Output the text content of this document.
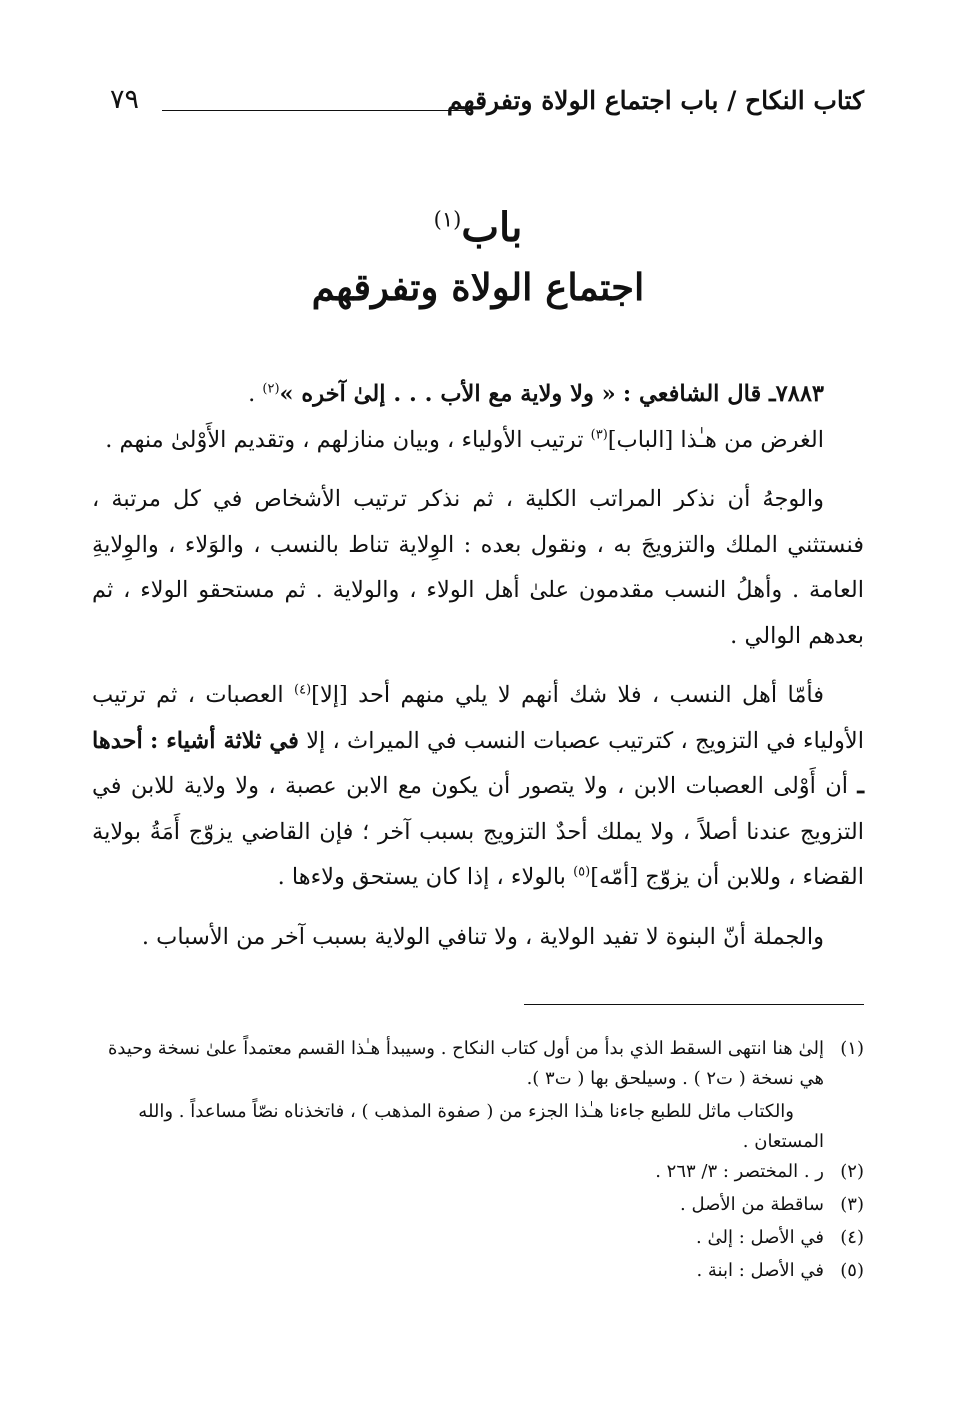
كتاب النكاح / باب اجتماع الولاة وتفرقهم
٧٩
باب$^{(١)}$
اجتماع الولاة وتفرقهم

٧٨٨٣ـ قال الشافعي : « ولا ولاية مع الأب . . . إلىٰ آخره »$^{(٢)}$ .

الغرض من هـٰذا [الباب]$^{(٣)}$ ترتيب الأولياء ، وبيان منازلهم ، وتقديم الأَوْلىٰ منهم .

والوجهُ أن نذكر المراتب الكلية ، ثم نذكر ترتيب الأشخاص في كل مرتبة ، فنستثني الملك والتزويجَ به ، ونقول بعده : الوِلاية تناط بالنسب ، والوَلاء ، والوِلايةِ العامة . وأهلُ النسب مقدمون علىٰ أهل الولاء ، والولاية . ثم مستحقو الولاء ، ثم بعدهم الوالي .

فأمّا أهل النسب ، فلا شك أنهم لا يلي منهم أحد [إلا]$^{(٤)}$ العصبات ، ثم ترتيب الأولياء في التزويج ، كترتيب عصبات النسب في الميراث ، إلا في ثلاثة أشياء : أحدها ـ أن أَوْلى العصبات الابن ، ولا يتصور أن يكون مع الابن عصبة ، ولا ولاية للابن في التزويج عندنا أصلاً ، ولا يملك أحدٌ التزويج بسبب آخر ؛ فإن القاضي يزوّج أَمَةُ بولاية القضاء ، وللابن أن يزوّج [أمّه]$^{(٥)}$ بالولاء ، إذا كان يستحق ولاءها .

والجملة أنّ البنوة لا تفيد الولاية ، ولا تنافي الولاية بسبب آخر من الأسباب .

(١)
إلىٰ هنا انتهى السقط الذي بدأ من أول كتاب النكاح . وسيبدأ هـٰذا القسم معتمداً علىٰ نسخة وحيدة هي نسخة ( ت٢ ) . وسيلحق بها ( ت٣ ).
والكتاب ماثل للطبع جاءنا هـٰذا الجزء من ( صفوة المذهب ) ، فاتخذناه نصّاً مساعداً . والله المستعان .
(٢)
ر . المختصر : ٣/ ٢٦٣ .
(٣)
ساقطة من الأصل .
(٤)
في الأصل : إلىٰ .
(٥)
في الأصل : ابنة .
